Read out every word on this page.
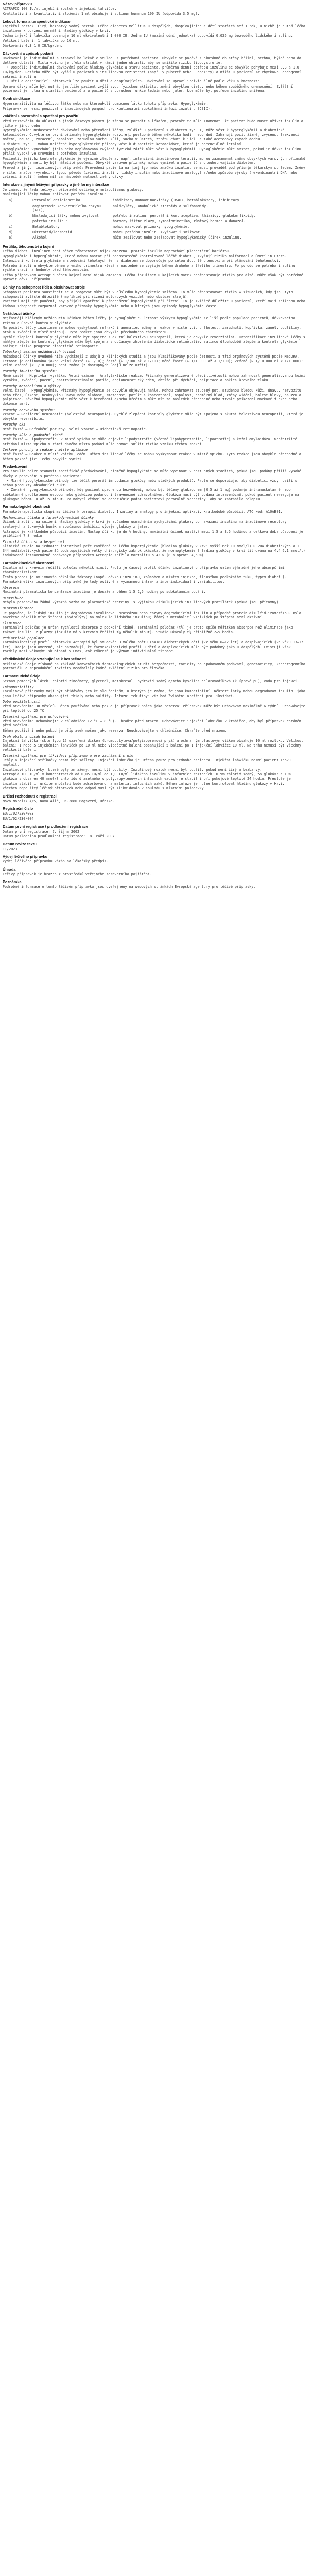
Název přípravku
ACTRAPID 100 IU/ml injekční roztok v injekční lahvičce.
Kvalitativní a kvantitativní složení: 1 ml obsahuje insulinum humanum 100 IU (odpovídá 3,5 mg).
Léková forma a terapeutické indikace
Injekční roztok. Čirý, bezbarvý vodný roztok. Léčba diabetes mellitus u dospělých, dospívajících a dětí starších než 1 rok, u nichž je nutná léčba inzulinem k udržení normální hladiny glukózy v krvi.
Jedna injekční lahvička obsahuje 10 ml ekvivalentní 1 000 IU. Jedna IU (mezinárodní jednotka) odpovídá 0,035 mg bezvodého lidského inzulinu.
Velikost balení: 1 lahvička po 10 ml.
Dávkování: 0,3–1,0 IU/kg/den.
Dávkování a způsob podání
Dávkování je individuální a stanoví ho lékař v souladu s potřebami pacienta. Obvykle se podává subkutánně do stěny břišní, stehna, hýždě nebo do deltové oblasti. Místa vpichu je třeba střídat v rámci jedné oblasti, aby se snížilo riziko lipodystrofie.
• Dospělí: individuální dávkování podle hladiny glykémie a stavu pacienta, průměrná denní potřeba inzulinu se obvykle pohybuje mezi 0,3 a 1,0 IU/kg/den. Potřeba může být vyšší u pacientů s inzulinovou rezistencí (např. v pubertě nebo u obezity) a nižší u pacientů se zbytkovou endogenní sekrecí inzulinu.
• Děti a dospívající: přípravek lze použít u dětí a dospívajících. Dávkování se upraví individuálně podle věku a hmotnosti.
Úprava dávky může být nutná, jestliže pacient zvýší svou fyzickou aktivitu, změní obvyklou dietu, nebo během souběžného onemocnění. Zvláštní pozornost je nutná u starších pacientů a u pacientů s poruchou funkce ledvin nebo jater, kde může být potřeba inzulinu snížena.
Kontraindikace
Hypersenzitivita na léčivou látku nebo na kteroukoli pomocnou látku tohoto přípravku. Hypoglykémie.
Přípravek se nesmí používat v inzulinových pumpách pro kontinuální subkutánní infuzi inzulinu (CSII).
Zvláštní upozornění a opatření pro použití
Před cestováním do oblastí s jiným časovým pásmem je třeba se poradit s lékařem, protože to může znamenat, že pacient bude muset užívat inzulin a jídlo v jinou dobu.
Hyperglykémie: Nedostatečné dávkování nebo přerušení léčby, zvláště u pacientů s diabetem typu 1, může vést k hyperglykémii a diabetické ketoacidóze. Obvykle se první příznaky hyperglykémie rozvíjejí postupně během několika hodin nebo dnů. Zahrnují pocit žízně, zvýšenou frekvenci močení, nauzeu, zvracení, ospalost, zarudlou suchou kůži, sucho v ústech, ztrátu chuti k jídlu a také acetonový zápach dechu.
U diabetu typu 1 mohou neléčené hyperglykemické příhody vést k diabetické ketoacidóze, která je potenciálně letální.
Hypoglykémie: Vynechání jídla nebo neplánovaná zvýšená fyzická zátěž může vést k hypoglykémii. Hypoglykémie může nastat, pokud je dávka inzulinu příliš vysoká ve srovnání s potřebou inzulinu.
Pacienti, jejichž kontrola glykémie je výrazně zlepšena, např. intenzivní inzulinovou terapií, mohou zaznamenat změnu obvyklých varovných příznaků hypoglykémie a měli by být náležitě poučeni. Obvyklé varovné příznaky mohou vymizet u pacientů s dlouhotrvajícím diabetem.
Převod z jiných inzulinových přípravků: Převedení pacienta na jiný typ nebo značku inzulinu se musí provádět pod přísným lékařským dohledem. Změny v síle, značce (výrobci), typu, původu (zvířecí inzulin, lidský inzulin nebo inzulinové analogy) a/nebo způsobu výroby (rekombinantní DNA nebo zvířecí inzulin) mohou mít za následek nutnost změny dávky.
Interakce s jinými léčivými přípravky a jiné formy interakce
Je známo, že řada léčivých přípravků ovlivňuje metabolismus glukózy.
Následující látky mohou snižovat potřebu inzulinu:
a)	Perorální antidiabetika,	inhibitory monoaminooxidázy (IMAO), betablokátory, inhibitory
	angiotensin konvertujícího enzymu (ACE),	salicyláty, anabolické steroidy a sulfonamidy.
b)	Následující látky mohou zvyšovat	potřebu inzulinu: perorální kontraceptiva, thiazidy, glukokortikoidy,
	potřebu inzulinu:	hormony štítné žlázy, sympatomimetika, růstový hormon a danazol.
c)	Betablokátory	mohou maskovat příznaky hypoglykémie.
d)	Oktreotid/lanreotid	mohou potřebu inzulinu zvyšovat i snižovat.
e)	Alkohol	může zesilovat nebo zeslabovat hypoglykemický účinek inzulinu.
Fertilita, těhotenství a kojení
Léčba diabetu inzulinem není během těhotenství nijak omezena, protože inzulin neprochází placentární bariérou.
Hypoglykémie i hyperglykémie, které mohou nastat při nedostatečně kontrolované léčbě diabetu, zvyšují riziko malformací a úmrtí in utero. Intenzivní kontrola glykémie a sledování těhotných žen s diabetem se doporučuje po celou dobu těhotenství a při plánování těhotenství.
Potřeba inzulinu obvykle během prvního trimestru klesá a následně se zvyšuje během druhého a třetího trimestru. Po porodu se potřeba inzulinu rychle vrací na hodnoty před těhotenstvím.
Léčba přípravkem Actrapid během kojení není nijak omezena. Léčba inzulinem u kojících matek nepředstavuje riziko pro dítě. Může však být potřebné upravit dávku přípravku.
Účinky na schopnost řídit a obsluhovat stroje
Schopnost pacienta soustředit se a reagovat může být v důsledku hypoglykémie snížena. To může představovat riziko v situacích, kdy jsou tyto schopnosti zvláště důležité (například při řízení motorových vozidel nebo obsluze strojů).
Pacienti mají být poučeni, aby přijali opatření k předcházení hypoglykémii při řízení. To je zvláště důležité u pacientů, kteří mají sníženou nebo žádnou schopnost rozpoznat varovné příznaky hypoglykémie nebo u kterých jsou epizody hypoglykémie časté.
Nežádoucí účinky
Nejčastěji hlášeným nežádoucím účinkem během léčby je hypoglykémie. Četnost výskytu hypoglykémie se liší podle populace pacientů, dávkovacího režimu a úrovně kontroly glykémie.
Na počátku léčby inzulinem se mohou vyskytnout refrakční anomálie, edémy a reakce v místě vpichu (bolest, zarudnutí, kopřivka, zánět, podlitiny, otok a svědění v místě vpichu). Tyto reakce jsou obvykle přechodného charakteru.
Rychlé zlepšení kontroly glykémie může být spojeno s akutní bolestivou neuropatií, která je obvykle reverzibilní. Intenzifikace inzulinové léčby s náhlým zlepšením kontroly glykémie může být spojena s dočasným zhoršením diabetické retinopatie, zatímco dlouhodobě zlepšená kontrola glykémie snižuje riziko progrese diabetické retinopatie.
Tabulkový seznam nežádoucích účinků
Nežádoucí účinky uvedené níže vycházejí z údajů z klinických studií a jsou klasifikovány podle četnosti a tříd orgánových systémů podle MedDRA. Četnost je definována jako: velmi časté (≥ 1/10); časté (≥ 1/100 až < 1/10); méně časté (≥ 1/1 000 až < 1/100); vzácné (≥ 1/10 000 až < 1/1 000); velmi vzácné (< 1/10 000); není známo (z dostupných údajů nelze určit).
Poruchy imunitního systému
Méně časté – Kopřivka, vyrážka. Velmi vzácné – Anafylaktické reakce. Příznaky generalizované přecitlivělosti mohou zahrnovat generalizovanou kožní vyrážku, svědění, pocení, gastrointestinální potíže, angioneurotický edém, obtíže při dýchání, palpitace a pokles krevního tlaku.
Poruchy metabolismu a výživy
Velmi časté – Hypoglykémie. Příznaky hypoglykémie se obvykle objevují náhle. Mohou zahrnovat studený pot, studenou bledou kůži, únavu, nervozitu nebo třes, úzkost, neobvyklou únavu nebo slabost, zmatenost, potíže s koncentrací, ospalost, nadměrný hlad, změny vidění, bolest hlavy, nauzeu a palpitace. Závažná hypoglykémie může vést k bezvědomí a/nebo křečím a může mít za následek přechodné nebo trvalé poškození mozkové funkce nebo dokonce smrt.
Poruchy nervového systému
Vzácné – Periferní neuropatie (bolestivá neuropatie). Rychlé zlepšení kontroly glykémie může být spojeno s akutní bolestivou neuropatií, která je obvykle reverzibilní.
Poruchy oka
Méně časté – Refrakční poruchy. Velmi vzácné – Diabetická retinopatie.
Poruchy kůže a podkožní tkáně
Méně časté – Lipodystrofie. V místě vpichu se může objevit lipodystrofie (včetně lipohypertrofie, lipoatrofie) a kožní amyloidóza. Nepřetržité střídání místa vpichu v rámci daného místa podání může pomoci snížit riziko vzniku těchto reakcí.
Celkové poruchy a reakce v místě aplikace
Méně časté – Reakce v místě vpichu, edém. Během inzulinové léčby se mohou vyskytnout reakce v místě vpichu. Tyto reakce jsou obvykle přechodné a během pokračující léčby obvykle vymizí.
Předávkování
Pro inzulin nelze stanovit specifické předávkování, nicméně hypoglykémie se může vyvinout v postupných stadiích, pokud jsou podány příliš vysoké dávky v porovnání s potřebou pacienta:
• Mírné hypoglykemické příhody lze léčit perorálním podáním glukózy nebo sladkých produktů. Proto se doporučuje, aby diabetici vždy nosili s sebou produkty obsahující cukr.
• Závažné hypoglykemické příhody, kdy pacient upadne do bezvědomí, mohou být léčeny glukagonem (0,5 až 1 mg) podaným intramuskulárně nebo subkutánně proškolenou osobou nebo glukózou podanou intravenózně zdravotníkem. Glukóza musí být podána intravenózně, pokud pacient nereaguje na glukagon během 10 až 15 minut. Po nabytí vědomí se doporučuje podat pacientovi perorálně sacharidy, aby se zabránilo relapsu.
Farmakologické vlastnosti
Farmakoterapeutická skupina: Léčiva k terapii diabetu. Inzuliny a analogy pro injekční aplikaci, krátkodobě působící. ATC kód: A10AB01.
Mechanismus účinku a farmakodynamické účinky
Účinek inzulinu na snížení hladiny glukózy v krvi je způsoben usnadněním vychytávání glukózy po navázání inzulinu na inzulinové receptory svalových a tukových buněk a současnou inhibicí výdeje glukózy z jater.
Actrapid je krátkodobě působící inzulin. Nástup účinku je do ½ hodiny, maximální účinek nastává mezi 1,5 a 3,5 hodinou a celková doba působení je přibližně 7–8 hodin.
Klinická účinnost a bezpečnost
Klinická studie na jednotce intenzivní péče zaměřená na léčbu hyperglykémie (hladina glukózy v krvi vyšší než 10 mmol/l) u 204 diabetických a 1 344 nediabetických pacientů podstupujících velký chirurgický zákrok ukázala, že normoglykémie (hladina glukózy v krvi titrována na 4,4–6,1 mmol/l) indukovaná intravenózně podávaným přípravkem Actrapid snížila mortalitu o 42 % (8 % oproti 4,6 %).
Farmakokinetické vlastnosti
Inzulin má v krevním řečišti poločas několik minut. Proto je časový profil účinku inzulinového přípravku určen výhradně jeho absorpčními charakteristikami.
Tento proces je ovlivňován několika faktory (např. dávkou inzulinu, způsobem a místem injekce, tloušťkou podkožního tuku, typem diabetu). Farmakokinetika inzulinových přípravků je tedy ovlivněna významnou intra- a interindividuální variabilitou.
Absorpce
Maximální plazmatická koncentrace inzulinu je dosažena během 1,5–2,5 hodiny po subkutánním podání.
Distribuce
Nebyla pozorována žádná výrazná vazba na plazmatické proteiny, s výjimkou cirkulujících inzulinových protilátek (pokud jsou přítomny).
Biotransformace
Je popsáno, že lidský inzulin je degradován inzulinovou proteázou nebo enzymy degradujícími inzulin a případně protein disulfid-izomerázou. Bylo navrženo několik míst štěpení (hydrolýzy) na molekule lidského inzulinu; žádný z metabolitů vzniklých po štěpení není aktivní.
Eliminace
Terminální poločas je určen rychlostí absorpce z podkožní tkáně. Terminální poločas (t½) je proto spíše měřítkem absorpce než eliminace jako takové inzulinu z plazmy (inzulin má v krevním řečišti t½ několik minut). Studie ukázaly t½ přibližně 2–5 hodin.
Pediatrická populace
Farmakokinetický profil přípravku Actrapid byl studován u malého počtu (n=18) diabetických dětí (ve věku 6–12 let) a dospívajících (ve věku 13–17 let). Údaje jsou omezené, ale naznačují, že farmakokinetický profil u dětí a dospívajících může být podobný jako u dospělých. Existují však rozdíly mezi věkovými skupinami v Cmax, což zdůrazňuje význam individuální titrace.
Předklinické údaje vztahující se k bezpečnosti
Neklinické údaje získané na základě konvenčních farmakologických studií bezpečnosti, toxicity po opakovaném podávání, genotoxicity, kancerogenního potenciálu a reprodukční toxicity neodhalily žádné zvláštní riziko pro člověka.
Farmaceutické údaje
Seznam pomocných látek: chlorid zinečnatý, glycerol, metakresol, hydroxid sodný a/nebo kyselina chlorovodíková (k úpravě pH), voda pro injekci.
Inkompatibility
Inzulinové přípravky mají být přidávány jen ke sloučeninám, u kterých je známo, že jsou kompatibilní. Některé látky mohou degradovat inzulin, jako jsou léčivé přípravky obsahující thioly nebo sulfity. Infuzní tekutiny: viz bod Zvláštní opatření pro likvidaci.
Doba použitelnosti
Před otevřením: 30 měsíců. Během používání nebo pokud je přípravek nošen jako rezerva: Přípravek může být uchováván maximálně 6 týdnů. Uchovávejte při teplotě do 25 °C.
Zvláštní opatření pro uchovávání
Před otevřením: Uchovávejte v chladničce (2 °C – 8 °C). Chraňte před mrazem. Uchovávejte injekční lahvičku v krabičce, aby byl přípravek chráněn před světlem.
Během používání nebo pokud je přípravek nošen jako rezerva: Neuchovávejte v chladničce. Chraňte před mrazem.
Druh obalu a obsah balení
Injekční lahvička (sklo typu 1) uzavřená diskem (bromobutylová/polyisoprenová pryž) a ochranným plastovým víčkem obsahuje 10 ml roztoku. Velikost balení: 1 nebo 5 injekčních lahviček po 10 ml nebo vícečetné balení obsahující 5 balení po 1 injekční lahvičce 10 ml. Na trhu nemusí být všechny velikosti balení.
Zvláštní opatření pro likvidaci přípravku a pro zacházení s ním
Jehly a injekční stříkačky nesmí být sdíleny. Injekční lahvička je určena pouze pro jednoho pacienta. Injekční lahvičku nesmí pacient znovu naplnit.
Inzulinové přípravky, které byly zmraženy, nesmí být použity. Inzulinový roztok nesmí být použit, pokud není čirý a bezbarvý.
Actrapid 100 IU/ml v koncentracích od 0,05 IU/ml do 1,0 IU/ml lidského inzulinu v infuzních roztocích: 0,9% chlorid sodný, 5% glukóza a 10% glukóza s obsahem 40 mmol/l chloridu draselného v polypropylenových infuzních vacích je stabilní při pokojové teplotě 24 hodin. Přestože je inzulin stabilní, určité množství bude adsorbováno na materiál infuzních vaků. Během infuze je nutné kontrolovat hladinu glukózy v krvi.
Všechen nepoužitý léčivý přípravek nebo odpad musí být zlikvidován v souladu s místními požadavky.
Držitel rozhodnutí o registraci
Novo Nordisk A/S, Novo Allé, DK-2880 Bagsværd, Dánsko.
Registrační číslo
EU/1/02/230/003
EU/1/02/230/004
Datum první registrace / prodloužení registrace
Datum první registrace: 7. října 2002
Datum posledního prodloužení registrace: 18. září 2007
Datum revize textu
11/2023
Výdej léčivého přípravku
Výdej léčivého přípravku vázán na lékařský předpis.
Úhrada
Léčivý přípravek je hrazen z prostředků veřejného zdravotního pojištění.
Poznámka
Podrobné informace o tomto léčivém přípravku jsou uveřejněny na webových stránkách Evropské agentury pro léčivé přípravky.
